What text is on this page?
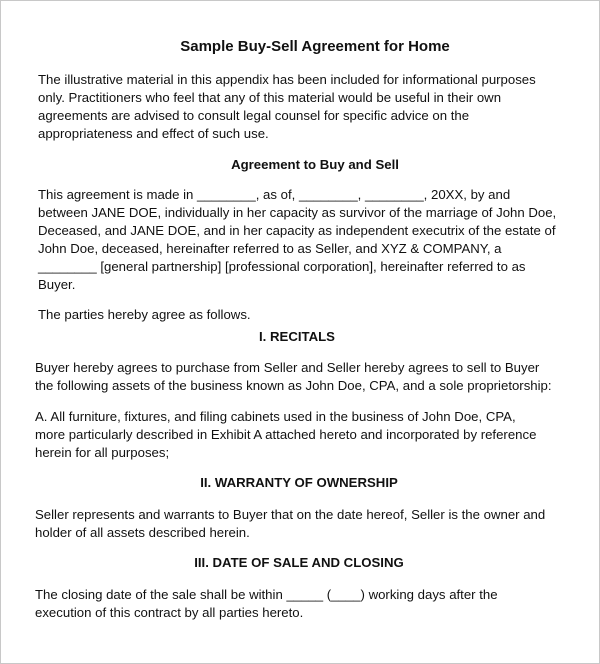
Sample Buy-Sell Agreement for Home

The illustrative material in this appendix has been included for informational purposes
only. Practitioners who feel that any of this material would be useful in their own
agreements are advised to consult legal counsel for specific advice on the
appropriateness and effect of such use.

Agreement to Buy and Sell

This agreement is made in ________, as of, ________, ________, 20XX, by and
between JANE DOE, individually in her capacity as survivor of the marriage of John Doe,
Deceased, and JANE DOE, and in her capacity as independent executrix of the estate of
John Doe, deceased, hereinafter referred to as Seller, and XYZ & COMPANY, a
________ [general partnership] [professional corporation], hereinafter referred to as
Buyer.

The parties hereby agree as follows.

I. RECITALS

Buyer hereby agrees to purchase from Seller and Seller hereby agrees to sell to Buyer
the following assets of the business known as John Doe, CPA, and a sole proprietorship:

A. All furniture, fixtures, and filing cabinets used in the business of John Doe, CPA,
more particularly described in Exhibit A attached hereto and incorporated by reference
herein for all purposes;

II. WARRANTY OF OWNERSHIP

Seller represents and warrants to Buyer that on the date hereof, Seller is the owner and
holder of all assets described herein.

III. DATE OF SALE AND CLOSING

The closing date of the sale shall be within _____ (____) working days after the
execution of this contract by all parties hereto.
